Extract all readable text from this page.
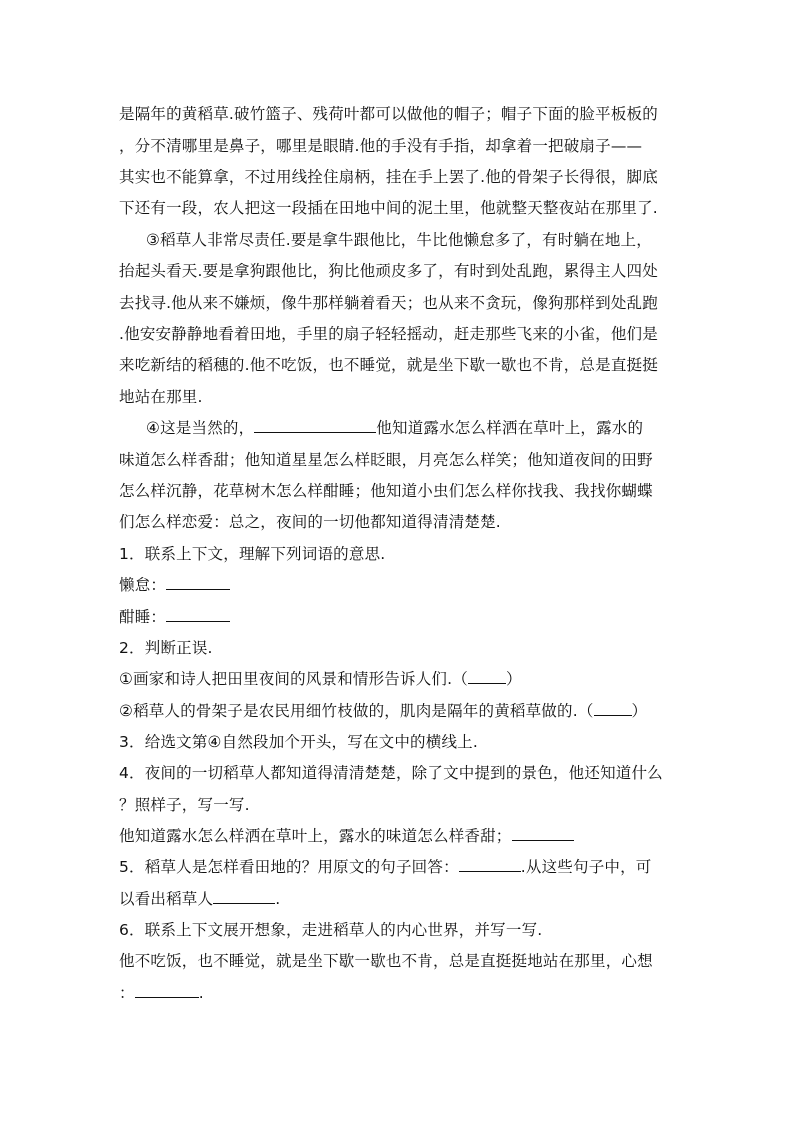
是隔年的黄稻草.破竹篮子、残荷叶都可以做他的帽子；帽子下面的脸平板板的
，分不清哪里是鼻子，哪里是眼睛.他的手没有手指，却拿着一把破扇子——
其实也不能算拿，不过用线拴住扇柄，挂在手上罢了.他的骨架子长得很，脚底
下还有一段，农人把这一段插在田地中间的泥土里，他就整天整夜站在那里了.
③稻草人非常尽责任.要是拿牛跟他比，牛比他懒怠多了，有时躺在地上，
抬起头看天.要是拿狗跟他比，狗比他顽皮多了，有时到处乱跑，累得主人四处
去找寻.他从来不嫌烦，像牛那样躺着看天；也从来不贪玩，像狗那样到处乱跑
.他安安静静地看着田地，手里的扇子轻轻摇动，赶走那些飞来的小雀，他们是
来吃新结的稻穗的.他不吃饭，也不睡觉，就是坐下歇一歇也不肯，总是直挺挺
地站在那里.
④这是当然的，	他知道露水怎么样洒在草叶上，露水的
味道怎么样香甜；他知道星星怎么样眨眼，月亮怎么样笑；他知道夜间的田野
怎么样沉静，花草树木怎么样酣睡；他知道小虫们怎么样你找我、我找你蝴蝶
们怎么样恋爱：总之，夜间的一切他都知道得清清楚楚.
1．联系上下文，理解下列词语的意思.
懒怠：
酣睡：
2．判断正误.
①画家和诗人把田里夜间的风景和情形告诉人们.（ ）
②稻草人的骨架子是农民用细竹枝做的，肌肉是隔年的黄稻草做的.（ ）
3．给选文第④自然段加个开头，写在文中的横线上.
4．夜间的一切稻草人都知道得清清楚楚，除了文中提到的景色，他还知道什么
？照样子，写一写.
他知道露水怎么样洒在草叶上，露水的味道怎么样香甜；
5．稻草人是怎样看田地的？用原文的句子回答：	.从这些句子中，可
以看出稻草人	.
6．联系上下文展开想象，走进稻草人的内心世界，并写一写.
他不吃饭，也不睡觉，就是坐下歇一歇也不肯，总是直挺挺地站在那里，心想
：	.
